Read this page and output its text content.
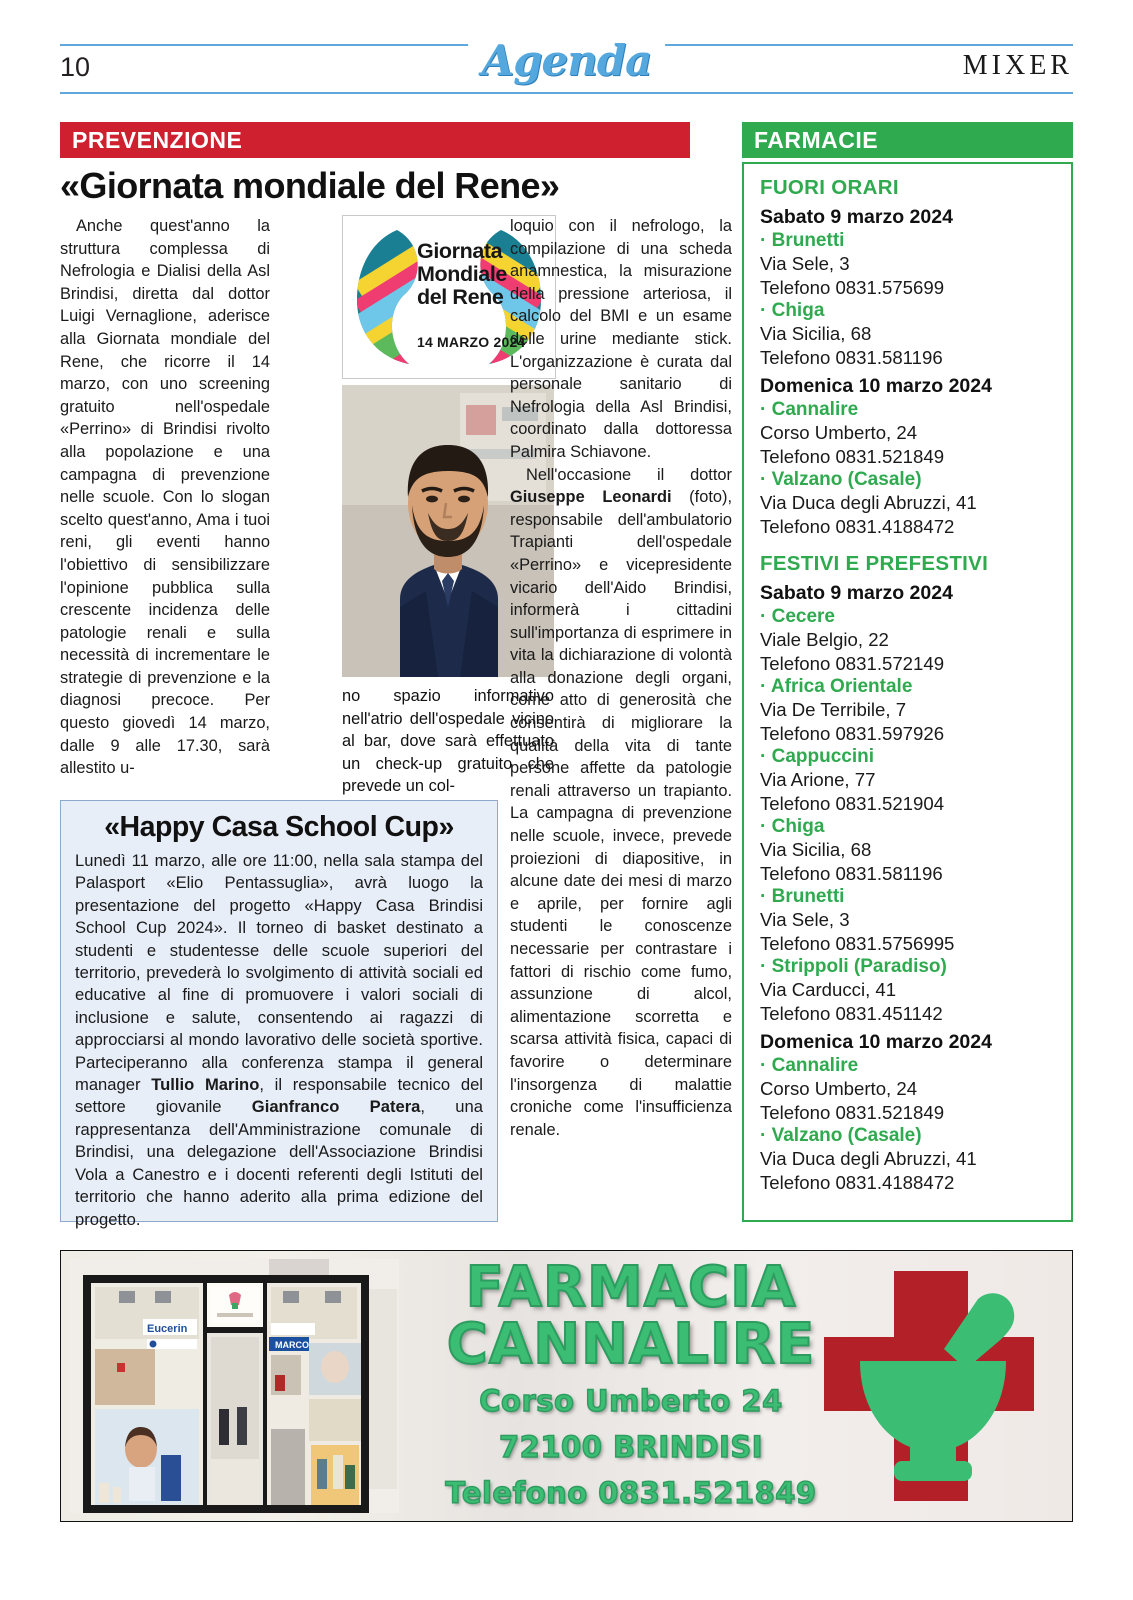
10	Agenda	MIXER
PREVENZIONE	FARMACIE
«Giornata mondiale del Rene»

Anche quest'anno la struttura complessa di Nefrologia e Dialisi della Asl Brindisi, diretta dal dottor Luigi Vernaglione, aderisce alla Giornata mondiale del Rene, che ricorre il 14 marzo, con uno screening gratuito nell'ospedale «Perrino» di Brindisi rivolto alla popolazione e una campagna di prevenzione nelle scuole. Con lo slogan scelto quest'anno, Ama i tuoi reni, gli eventi hanno l'obiettivo di sensibilizzare l'opinione pubblica sulla crescente incidenza delle patologie renali e sulla necessità di incrementare le strategie di prevenzione e la diagnosi precoce. Per questo giovedì 14 marzo, dalle 9 alle 17.30, sarà allestito u-

Giornata
Mondiale
del Rene
14 MARZO 2024
no spazio informativo nell'atrio dell'ospedale vicino al bar, dove sarà effettuato un check-up gratuito che prevede un col-

loquio con il nefrologo, la compilazione di una scheda anamnestica, la misurazione della pressione arteriosa, il calcolo del BMI e un esame delle urine mediante stick. L'organizzazione è curata dal personale sanitario di Nefrologia della Asl Brindisi, coordinato dalla dottoressa Palmira Schiavone.

Nell'occasione il dottor Giuseppe Leonardi (foto), responsabile dell'ambulatorio Trapianti dell'ospedale «Perrino» e vicepresidente vicario dell'Aido Brindisi, informerà i cittadini sull'importanza di esprimere in vita la dichiarazione di volontà alla donazione degli organi, come atto di generosità che consentirà di migliorare la qualità della vita di tante persone affette da patologie renali attraverso un trapianto. La campagna di prevenzione nelle scuole, invece, prevede proiezioni di diapositive, in alcune date dei mesi di marzo e aprile, per fornire agli studenti le conoscenze necessarie per contrastare i fattori di rischio come fumo, assunzione di alcol, alimentazione scorretta e scarsa attività fisica, capaci di favorire o determinare l'insorgenza di malattie croniche come l'insufficienza renale.

«Happy Casa School Cup»

Lunedì 11 marzo, alle ore 11:00, nella sala stampa del Palasport «Elio Pentassuglia», avrà luogo la presentazione del progetto «Happy Casa Brindisi School Cup 2024». Il torneo di basket destinato a studenti e studentesse delle scuole superiori del territorio, prevederà lo svolgimento di attività sociali ed educative al fine di promuovere i valori sociali di inclusione e salute, consentendo ai ragazzi di approcciarsi al mondo lavorativo delle società sportive. Parteciperanno alla conferenza stampa il general manager Tullio Marino, il responsabile tecnico del settore giovanile Gianfranco Patera, una rappresentanza dell'Amministrazione comunale di Brindisi, una delegazione dell'Associazione Brindisi Vola a Canestro e i docenti referenti degli Istituti del territorio che hanno aderito alla prima edizione del progetto.

FUORI ORARI
Sabato 9 marzo 2024
· Brunetti
Via Sele, 3
Telefono 0831.575699
· Chiga
Via Sicilia, 68
Telefono 0831.581196
Domenica 10 marzo 2024
· Cannalire
Corso Umberto, 24
Telefono 0831.521849
· Valzano (Casale)
Via Duca degli Abruzzi, 41
Telefono 0831.4188472
FESTIVI E PREFESTIVI
Sabato 9 marzo 2024
· Cecere
Viale Belgio, 22
Telefono 0831.572149
· Africa Orientale
Via De Terribile, 7
Telefono 0831.597926
· Cappuccini
Via Arione, 77
Telefono 0831.521904
· Chiga
Via Sicilia, 68
Telefono 0831.581196
· Brunetti
Via Sele, 3
Telefono 0831.5756995
· Strippoli (Paradiso)
Via Carducci, 41
Telefono 0831.451142
Domenica 10 marzo 2024
· Cannalire
Corso Umberto, 24
Telefono 0831.521849
· Valzano (Casale)
Via Duca degli Abruzzi, 41
Telefono 0831.4188472
Eucerin
MARCO
FARMACIA
CANNALIRE
Corso Umberto 24
72100 BRINDISI
Telefono 0831.521849
